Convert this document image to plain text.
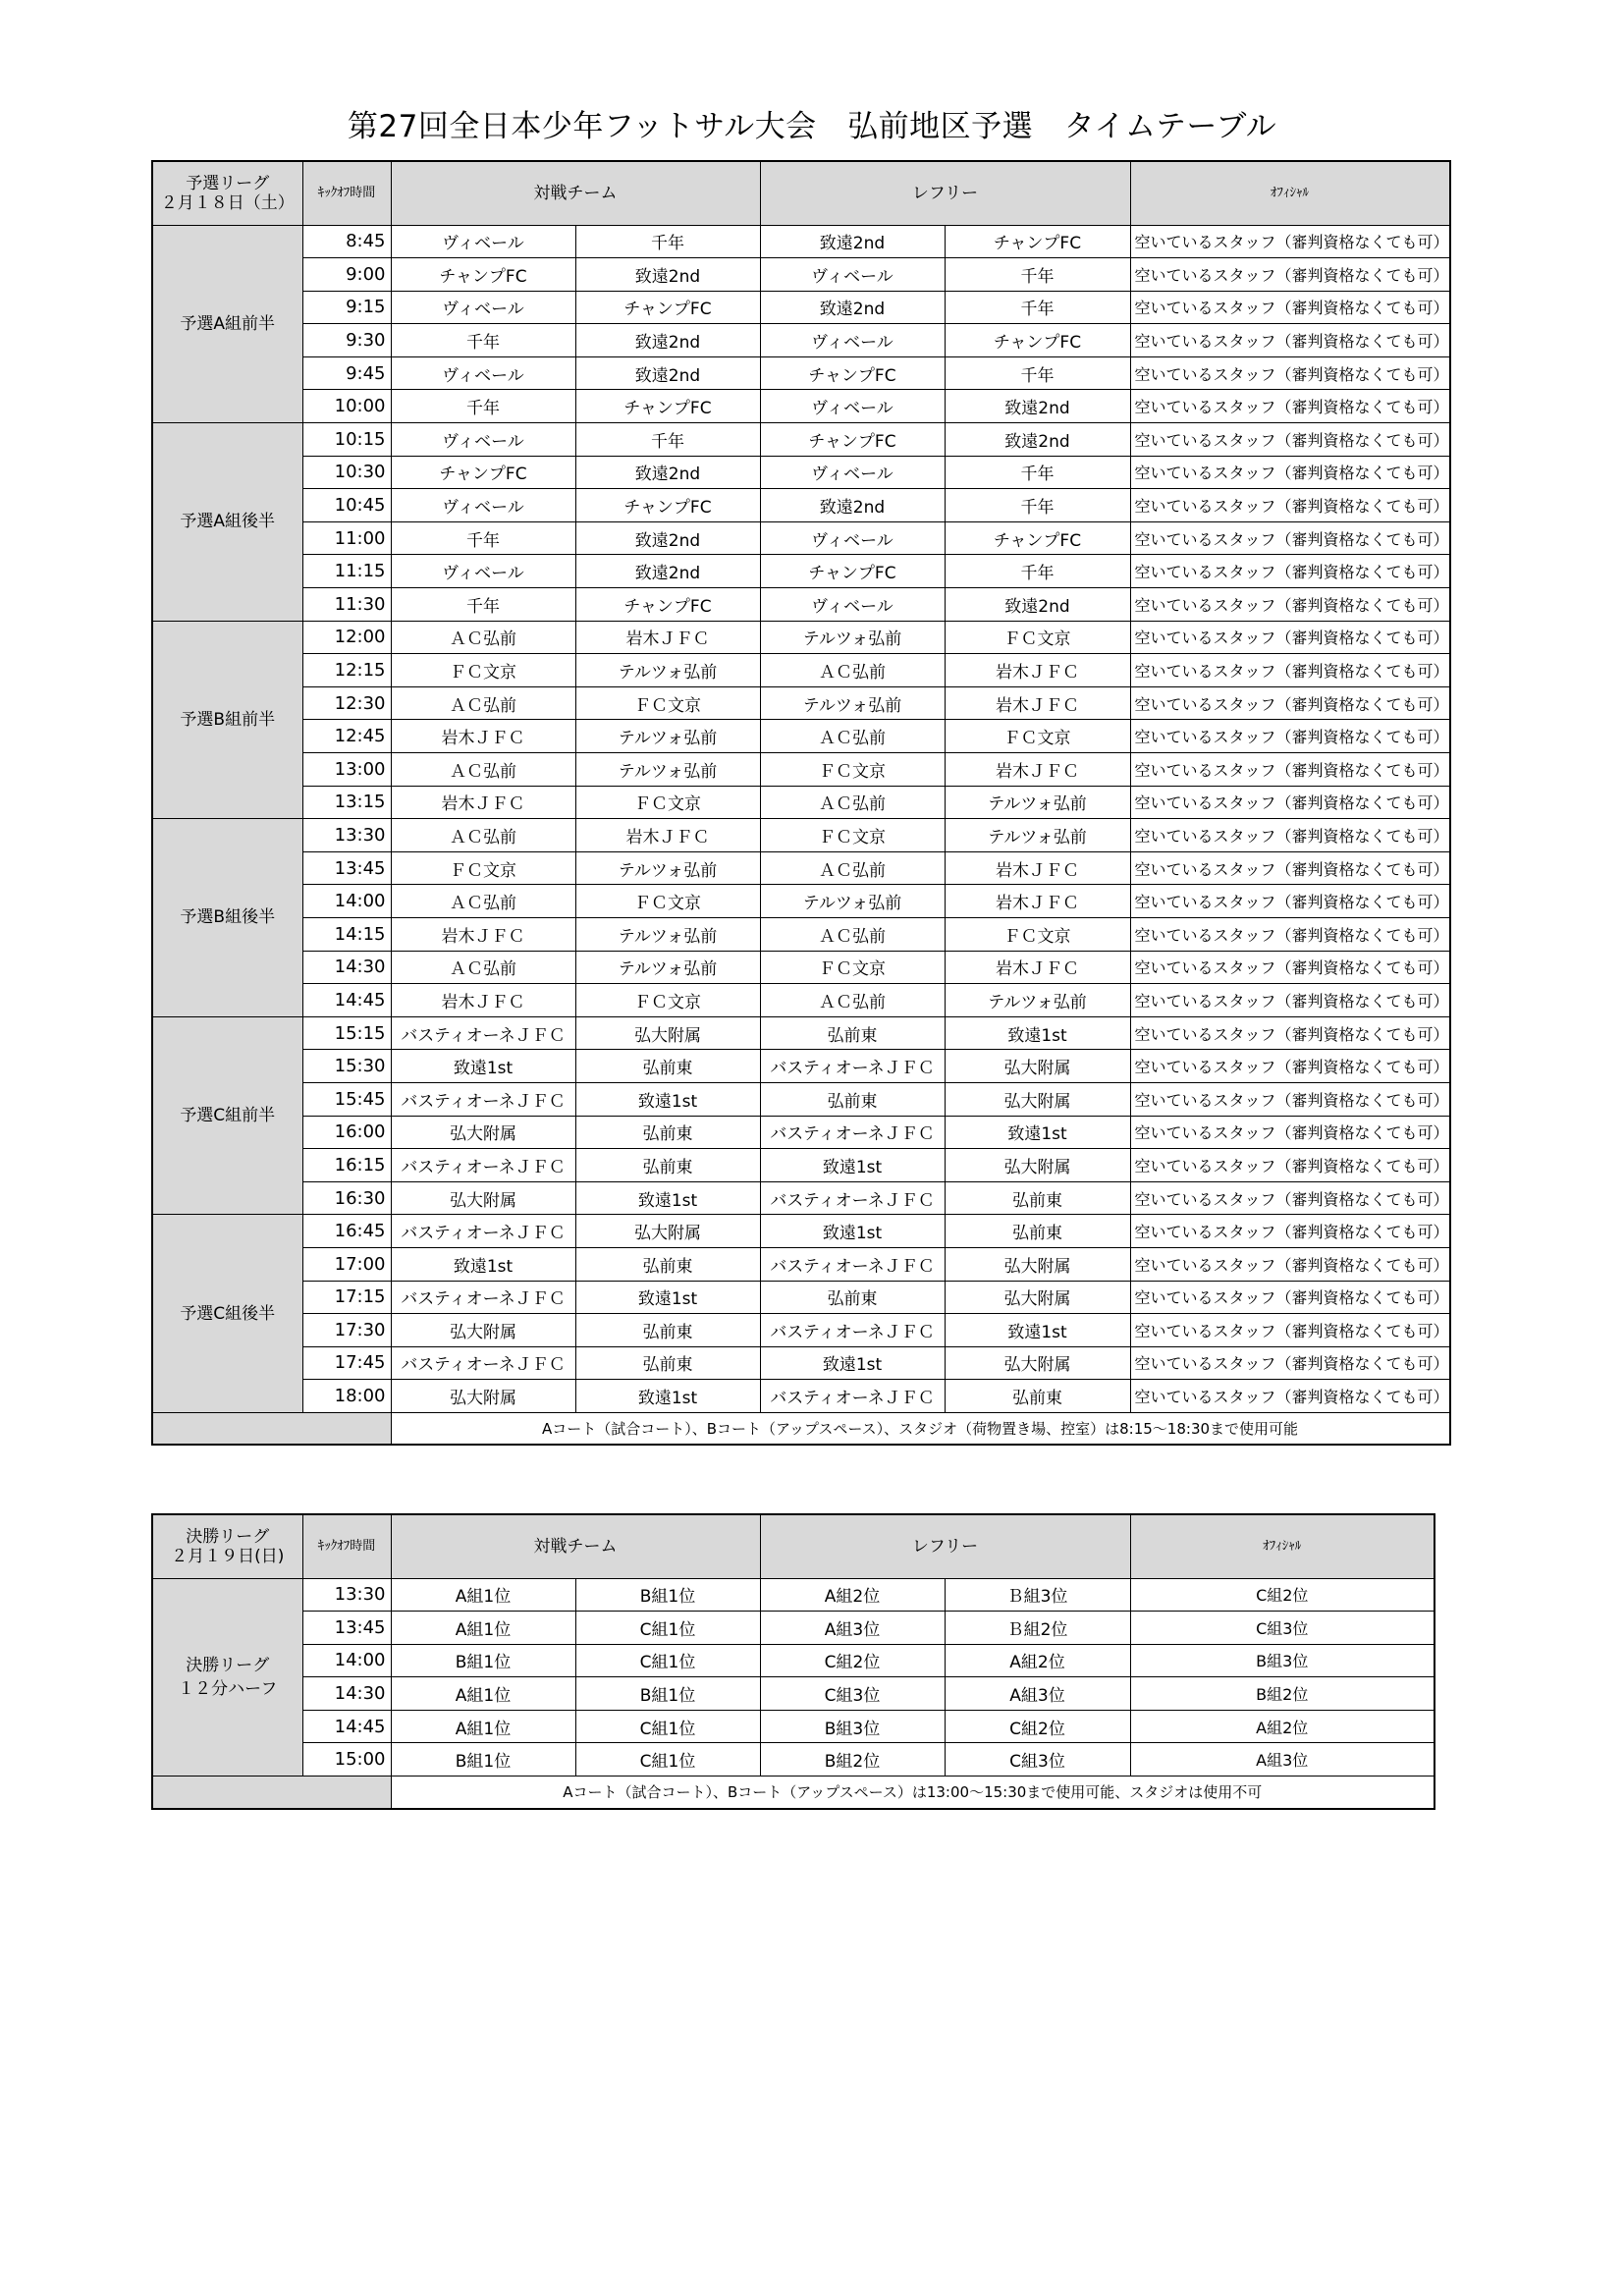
第27回全日本少年フットサル大会　弘前地区予選　タイムテーブル
予選リーグ
２月１８日（土）	ｷｯｸｵﾌ時間	対戦チーム		レフリー		ｵﾌｨｼｬﾙ
予選A組前半	8:45	ヴィベール	千年	致遠2nd	チャンプFC	空いているスタッフ（審判資格なくても可）
	9:00	チャンプFC	致遠2nd	ヴィベール	千年	空いているスタッフ（審判資格なくても可）
	9:15	ヴィベール	チャンプFC	致遠2nd	千年	空いているスタッフ（審判資格なくても可）
	9:30	千年	致遠2nd	ヴィベール	チャンプFC	空いているスタッフ（審判資格なくても可）
	9:45	ヴィベール	致遠2nd	チャンプFC	千年	空いているスタッフ（審判資格なくても可）
	10:00	千年	チャンプFC	ヴィベール	致遠2nd	空いているスタッフ（審判資格なくても可）
予選A組後半	10:15	ヴィベール	千年	チャンプFC	致遠2nd	空いているスタッフ（審判資格なくても可）
	10:30	チャンプFC	致遠2nd	ヴィベール	千年	空いているスタッフ（審判資格なくても可）
	10:45	ヴィベール	チャンプFC	致遠2nd	千年	空いているスタッフ（審判資格なくても可）
	11:00	千年	致遠2nd	ヴィベール	チャンプFC	空いているスタッフ（審判資格なくても可）
	11:15	ヴィベール	致遠2nd	チャンプFC	千年	空いているスタッフ（審判資格なくても可）
	11:30	千年	チャンプFC	ヴィベール	致遠2nd	空いているスタッフ（審判資格なくても可）
予選B組前半	12:00	ＡＣ弘前	岩木ＪＦＣ	テルツォ弘前	ＦＣ文京	空いているスタッフ（審判資格なくても可）
	12:15	ＦＣ文京	テルツォ弘前	ＡＣ弘前	岩木ＪＦＣ	空いているスタッフ（審判資格なくても可）
	12:30	ＡＣ弘前	ＦＣ文京	テルツォ弘前	岩木ＪＦＣ	空いているスタッフ（審判資格なくても可）
	12:45	岩木ＪＦＣ	テルツォ弘前	ＡＣ弘前	ＦＣ文京	空いているスタッフ（審判資格なくても可）
	13:00	ＡＣ弘前	テルツォ弘前	ＦＣ文京	岩木ＪＦＣ	空いているスタッフ（審判資格なくても可）
	13:15	岩木ＪＦＣ	ＦＣ文京	ＡＣ弘前	テルツォ弘前	空いているスタッフ（審判資格なくても可）
予選B組後半	13:30	ＡＣ弘前	岩木ＪＦＣ	ＦＣ文京	テルツォ弘前	空いているスタッフ（審判資格なくても可）
	13:45	ＦＣ文京	テルツォ弘前	ＡＣ弘前	岩木ＪＦＣ	空いているスタッフ（審判資格なくても可）
	14:00	ＡＣ弘前	ＦＣ文京	テルツォ弘前	岩木ＪＦＣ	空いているスタッフ（審判資格なくても可）
	14:15	岩木ＪＦＣ	テルツォ弘前	ＡＣ弘前	ＦＣ文京	空いているスタッフ（審判資格なくても可）
	14:30	ＡＣ弘前	テルツォ弘前	ＦＣ文京	岩木ＪＦＣ	空いているスタッフ（審判資格なくても可）
	14:45	岩木ＪＦＣ	ＦＣ文京	ＡＣ弘前	テルツォ弘前	空いているスタッフ（審判資格なくても可）
予選C組前半	15:15	バスティオーネＪＦＣ	弘大附属	弘前東	致遠1st	空いているスタッフ（審判資格なくても可）
	15:30	致遠1st	弘前東	バスティオーネＪＦＣ	弘大附属	空いているスタッフ（審判資格なくても可）
	15:45	バスティオーネＪＦＣ	致遠1st	弘前東	弘大附属	空いているスタッフ（審判資格なくても可）
	16:00	弘大附属	弘前東	バスティオーネＪＦＣ	致遠1st	空いているスタッフ（審判資格なくても可）
	16:15	バスティオーネＪＦＣ	弘前東	致遠1st	弘大附属	空いているスタッフ（審判資格なくても可）
	16:30	弘大附属	致遠1st	バスティオーネＪＦＣ	弘前東	空いているスタッフ（審判資格なくても可）
予選C組後半	16:45	バスティオーネＪＦＣ	弘大附属	致遠1st	弘前東	空いているスタッフ（審判資格なくても可）
	17:00	致遠1st	弘前東	バスティオーネＪＦＣ	弘大附属	空いているスタッフ（審判資格なくても可）
	17:15	バスティオーネＪＦＣ	致遠1st	弘前東	弘大附属	空いているスタッフ（審判資格なくても可）
	17:30	弘大附属	弘前東	バスティオーネＪＦＣ	致遠1st	空いているスタッフ（審判資格なくても可）
	17:45	バスティオーネＪＦＣ	弘前東	致遠1st	弘大附属	空いているスタッフ（審判資格なくても可）
	18:00	弘大附属	致遠1st	バスティオーネＪＦＣ	弘前東	空いているスタッフ（審判資格なくても可）
		Aコート（試合コート）、Bコート（アップスペース）、スタジオ（荷物置き場、控室）は8:15～18:30まで使用可能				
決勝リーグ
２月１９日(日)	ｷｯｸｵﾌ時間	対戦チーム		レフリー		ｵﾌｨｼｬﾙ

決勝リーグ
１２分ハーフ	13:30	A組1位	B組1位	A組2位	Ｂ組3位	C組2位
	13:45	A組1位	C組1位	A組3位	Ｂ組2位	C組3位
	14:00	B組1位	C組1位	C組2位	A組2位	B組3位
	14:30	A組1位	B組1位	C組3位	A組3位	B組2位
	14:45	A組1位	C組1位	B組3位	C組2位	A組2位
	15:00	B組1位	C組1位	B組2位	C組3位	A組3位
		Aコート（試合コート）、Bコート（アップスペース）は13:00～15:30まで使用可能、スタジオは使用不可				
